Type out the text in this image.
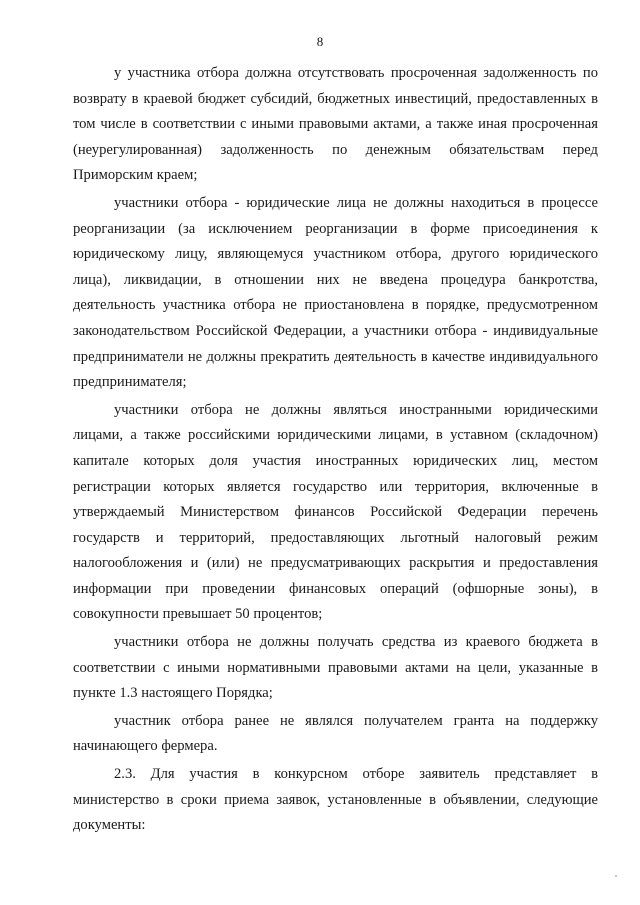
8

у участника отбора должна отсутствовать просроченная задолженность по возврату в краевой бюджет субсидий, бюджетных инвестиций, предоставленных в том числе в соответствии с иными правовыми актами, а также иная просроченная (неурегулированная) задолженность по денежным обязательствам перед Приморским краем;

участники отбора - юридические лица не должны находиться в процессе реорганизации (за исключением реорганизации в форме присоединения к юридическому лицу, являющемуся участником отбора, другого юридического лица), ликвидации, в отношении них не введена процедура банкротства, деятельность участника отбора не приостановлена в порядке, предусмотренном законодательством Российской Федерации, а участники отбора - индивидуальные предприниматели не должны прекратить деятельность в качестве индивидуального предпринимателя;

участники отбора не должны являться иностранными юридическими лицами, а также российскими юридическими лицами, в уставном (складочном) капитале которых доля участия иностранных юридических лиц, местом регистрации которых является государство или территория, включенные в утверждаемый Министерством финансов Российской Федерации перечень государств и территорий, предоставляющих льготный налоговый режим налогообложения и (или) не предусматривающих раскрытия и предоставления информации при проведении финансовых операций (офшорные зоны), в совокупности превышает 50 процентов;

участники отбора не должны получать средства из краевого бюджета в соответствии с иными нормативными правовыми актами на цели, указанные в пункте 1.3 настоящего Порядка;

участник отбора ранее не являлся получателем гранта на поддержку начинающего фермера.

2.3. Для участия в конкурсном отборе заявитель представляет в министерство в сроки приема заявок, установленные в объявлении, следующие документы:
